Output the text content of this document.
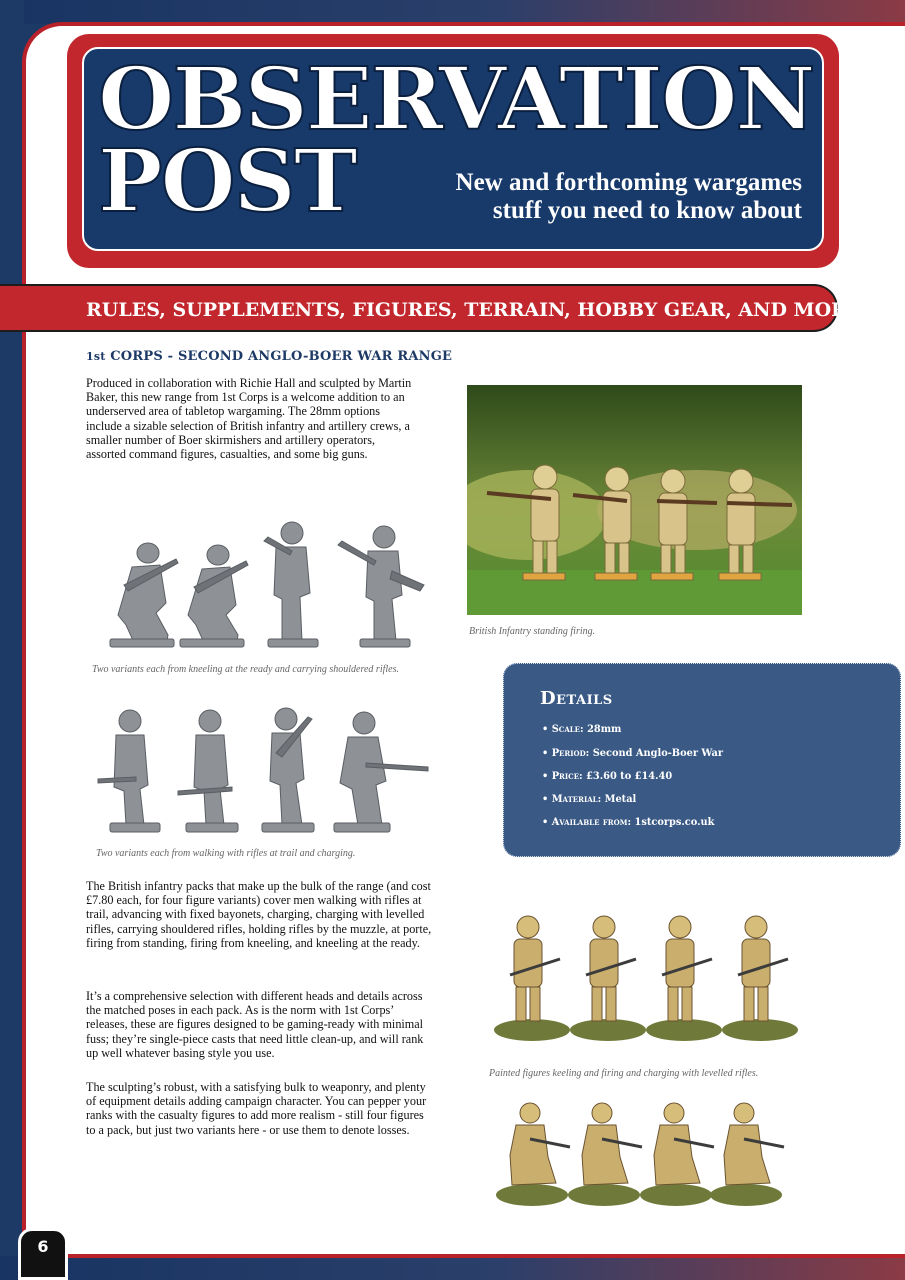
OBSERVATION
POST	New and forthcoming wargames
stuff you need to know about
RULES, SUPPLEMENTS, FIGURES, TERRAIN, HOBBY GEAR, AND MORE
1st CORPS - SECOND ANGLO-BOER WAR RANGE

Produced in collaboration with Richie Hall and sculpted by Martin Baker, this new range from 1st Corps is a welcome addition to an underserved area of tabletop wargaming. The 28mm options include a sizable selection of British infantry and artillery crews, a smaller number of Boer skirmishers and artillery operators, assorted command figures, casualties, and some big guns.

Two variants each from kneeling at the ready and carrying shouldered rifles.
Two variants each from walking with rifles at trail and charging.

The British infantry packs that make up the bulk of the range (and cost £7.80 each, for four figure variants) cover men walking with rifles at trail, advancing with fixed bayonets, charging, charging with levelled rifles, carrying shouldered rifles, holding rifles by the muzzle, at porte, firing from standing, firing from kneeling, and kneeling at the ready.

It’s a comprehensive selection with different heads and details across the matched poses in each pack. As is the norm with 1st Corps’ releases, these are figures designed to be gaming-ready with minimal fuss; they’re single-piece casts that need little clean-up, and will rank up well whatever basing style you use.

The sculpting’s robust, with a satisfying bulk to weaponry, and plenty of equipment details adding campaign character. You can pepper your ranks with the casualty figures to add more realism - still four figures to a pack, but just two variants here - or use them to denote losses.

British Infantry standing firing.
Details
• Scale: 28mm
• Period: Second Anglo-Boer War
• Price: £3.60 to £14.40
• Material: Metal
• Available from: 1stcorps.co.uk
Painted figures keeling and firing and charging with levelled rifles.
6
